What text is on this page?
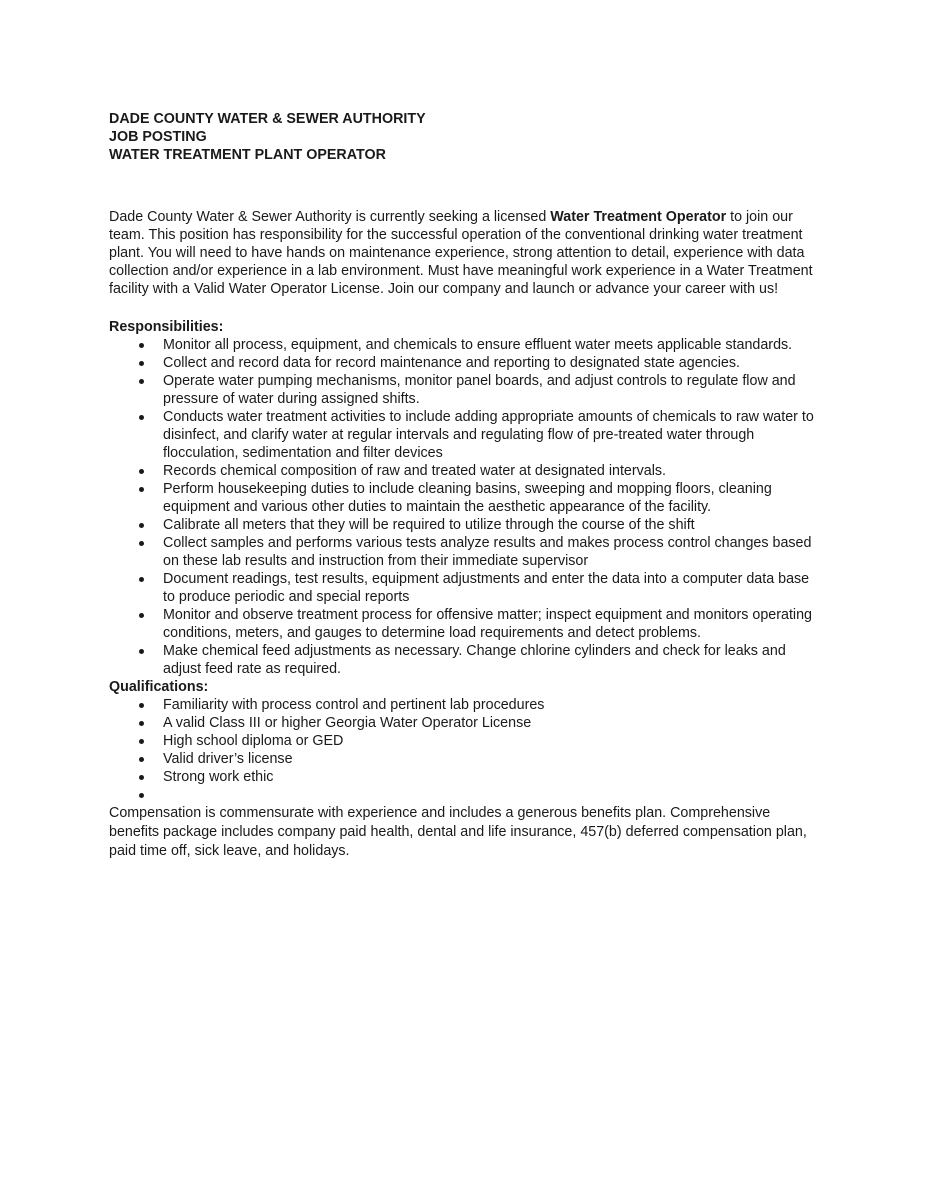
DADE COUNTY WATER & SEWER AUTHORITY

JOB POSTING

WATER TREATMENT PLANT OPERATOR

Dade County Water & Sewer Authority is currently seeking a licensed Water Treatment Operator to join our team. This position has responsibility for the successful operation of the conventional drinking water treatment plant. You will need to have hands on maintenance experience, strong attention to detail, experience with data collection and/or experience in a lab environment. Must have meaningful work experience in a Water Treatment facility with a Valid Water Operator License. Join our company and launch or advance your career with us!

Responsibilities:

Monitor all process, equipment, and chemicals to ensure effluent water meets applicable standards.
Collect and record data for record maintenance and reporting to designated state agencies.
Operate water pumping mechanisms, monitor panel boards, and adjust controls to regulate flow and pressure of water during assigned shifts.
Conducts water treatment activities to include adding appropriate amounts of chemicals to raw water to disinfect, and clarify water at regular intervals and regulating flow of pre-treated water through flocculation, sedimentation and filter devices
Records chemical composition of raw and treated water at designated intervals.
Perform housekeeping duties to include cleaning basins, sweeping and mopping floors, cleaning equipment and various other duties to maintain the aesthetic appearance of the facility.
Calibrate all meters that they will be required to utilize through the course of the shift
Collect samples and performs various tests analyze results and makes process control changes based on these lab results and instruction from their immediate supervisor
Document readings, test results, equipment adjustments and enter the data into a computer data base to produce periodic and special reports
Monitor and observe treatment process for offensive matter; inspect equipment and monitors operating conditions, meters, and gauges to determine load requirements and detect problems.
Make chemical feed adjustments as necessary. Change chlorine cylinders and check for leaks and adjust feed rate as required.

Qualifications:

Familiarity with process control and pertinent lab procedures
A valid Class III or higher Georgia Water Operator License
High school diploma or GED
Valid driver’s license
Strong work ethic

Compensation is commensurate with experience and includes a generous benefits plan. Comprehensive benefits package includes company paid health, dental and life insurance, 457(b) deferred compensation plan, paid time off, sick leave, and holidays.
